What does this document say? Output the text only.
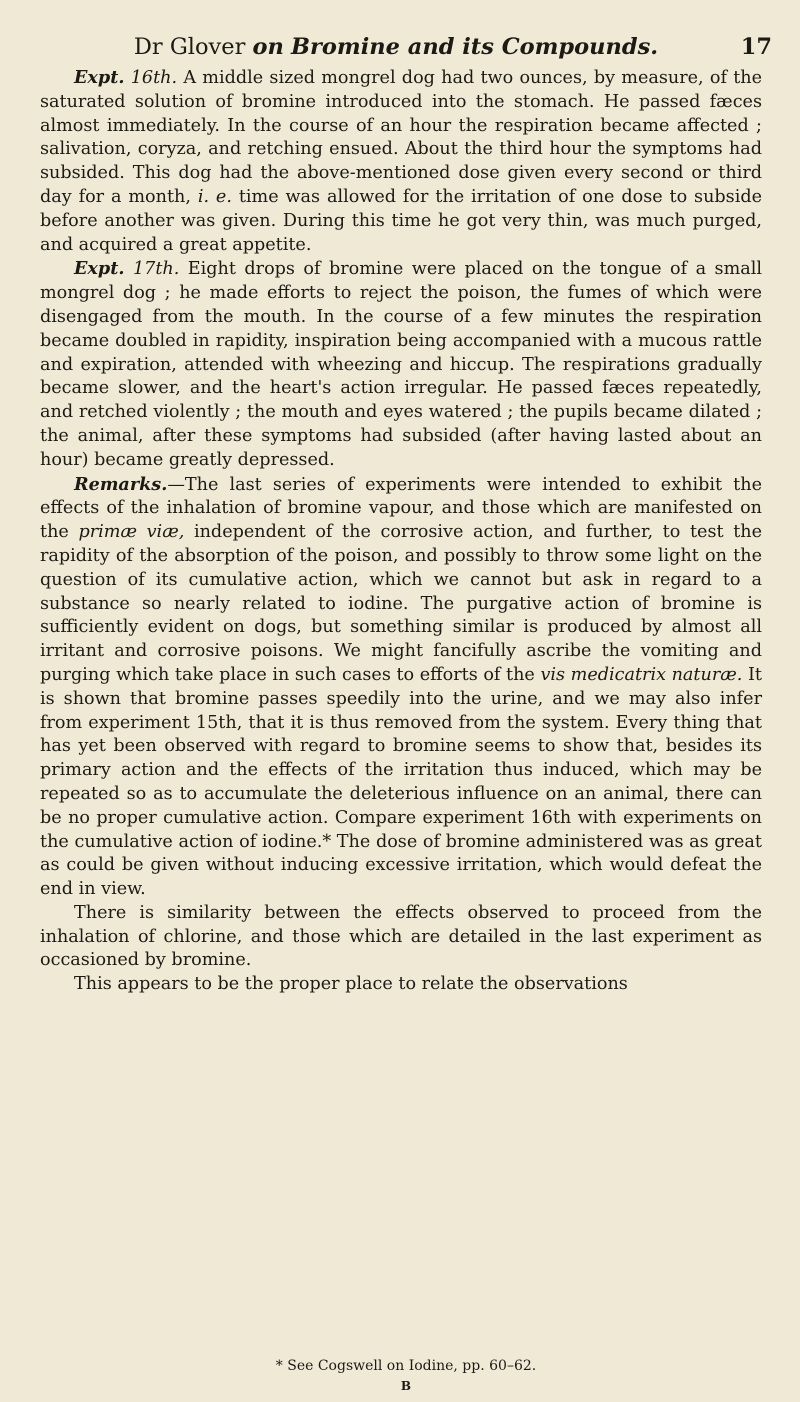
Dr Glover on Bromine and its Compounds.	17

Expt. 16th. A middle sized mongrel dog had two ounces, by measure, of the saturated solution of bromine introduced into the stomach. He passed fæces almost immediately. In the course of an hour the respiration became affected ; salivation, coryza, and retching ensued. About the third hour the symptoms had subsided. This dog had the above-mentioned dose given every second or third day for a month, i. e. time was allowed for the irritation of one dose to subside before another was given. During this time he got very thin, was much purged, and acquired a great appetite.

Expt. 17th. Eight drops of bromine were placed on the tongue of a small mongrel dog ; he made efforts to reject the poison, the fumes of which were disengaged from the mouth. In the course of a few minutes the respiration became doubled in rapidity, inspiration being accompanied with a mucous rattle and expiration, attended with wheezing and hiccup. The respirations gradually became slower, and the heart's action irregular. He passed fæces repeatedly, and retched violently ; the mouth and eyes watered ; the pupils became dilated ; the animal, after these symptoms had subsided (after having lasted about an hour) became greatly depressed.

Remarks.—The last series of experiments were intended to exhibit the effects of the inhalation of bromine vapour, and those which are manifested on the primæ viæ, independent of the corrosive action, and further, to test the rapidity of the absorption of the poison, and possibly to throw some light on the question of its cumulative action, which we cannot but ask in regard to a substance so nearly related to iodine. The purgative action of bromine is sufficiently evident on dogs, but something similar is produced by almost all irritant and corrosive poisons. We might fancifully ascribe the vomiting and purging which take place in such cases to efforts of the vis medicatrix naturæ. It is shown that bromine passes speedily into the urine, and we may also infer from experiment 15th, that it is thus removed from the system. Every thing that has yet been observed with regard to bromine seems to show that, besides its primary action and the effects of the irritation thus induced, which may be repeated so as to accumulate the deleterious influence on an animal, there can be no proper cumulative action. Compare experiment 16th with experiments on the cumulative action of iodine.* The dose of bromine administered was as great as could be given without inducing excessive irritation, which would defeat the end in view.

There is similarity between the effects observed to proceed from the inhalation of chlorine, and those which are detailed in the last experiment as occasioned by bromine.

This appears to be the proper place to relate the observations

* See Cogswell on Iodine, pp. 60–62.
B
